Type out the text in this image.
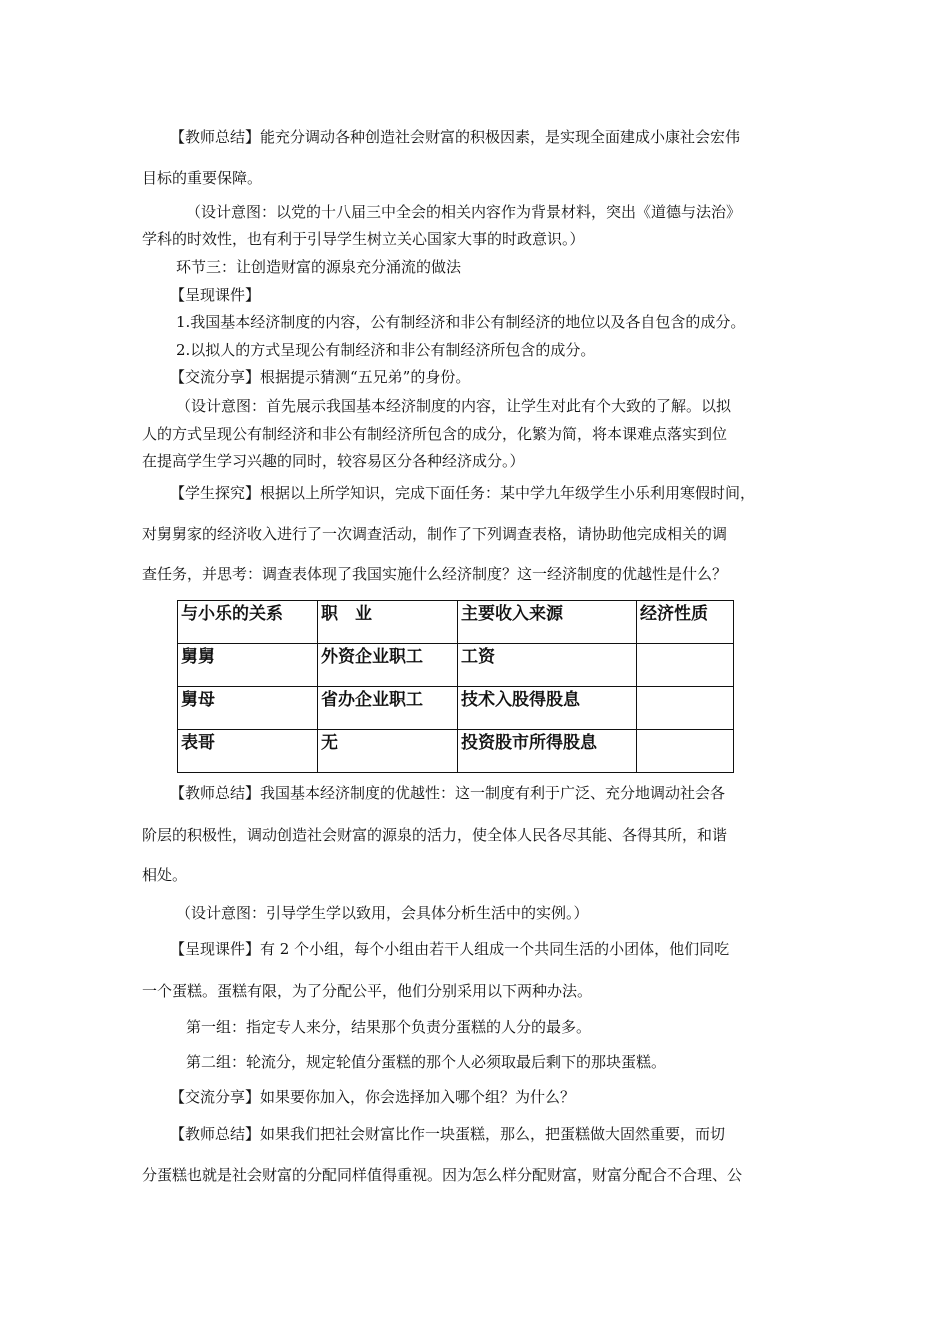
【教师总结】能充分调动各种创造社会财富的积极因素，是实现全面建成小康社会宏伟
目标的重要保障。
（设计意图：以党的十八届三中全会的相关内容作为背景材料，突出《道德与法治》
学科的时效性，也有利于引导学生树立关心国家大事的时政意识。）
环节三：让创造财富的源泉充分涌流的做法
【呈现课件】
1.我国基本经济制度的内容，公有制经济和非公有制经济的地位以及各自包含的成分。
2.以拟人的方式呈现公有制经济和非公有制经济所包含的成分。
【交流分享】根据提示猜测“五兄弟”的身份。
（设计意图：首先展示我国基本经济制度的内容，让学生对此有个大致的了解。以拟
人的方式呈现公有制经济和非公有制经济所包含的成分，化繁为简，将本课难点落实到位
在提高学生学习兴趣的同时，较容易区分各种经济成分。）
【学生探究】根据以上所学知识，完成下面任务：某中学九年级学生小乐利用寒假时间，
对舅舅家的经济收入进行了一次调查活动，制作了下列调查表格，请协助他完成相关的调
查任务，并思考：调查表体现了我国实施什么经济制度？这一经济制度的优越性是什么？
【教师总结】我国基本经济制度的优越性：这一制度有利于广泛、充分地调动社会各
阶层的积极性，调动创造社会财富的源泉的活力，使全体人民各尽其能、各得其所，和谐
相处。
（设计意图：引导学生学以致用，会具体分析生活中的实例。）
【呈现课件】有 2 个小组，每个小组由若干人组成一个共同生活的小团体，他们同吃
一个蛋糕。蛋糕有限，为了分配公平，他们分别采用以下两种办法。
第一组：指定专人来分，结果那个负责分蛋糕的人分的最多。
第二组：轮流分，规定轮值分蛋糕的那个人必须取最后剩下的那块蛋糕。
【交流分享】如果要你加入，你会选择加入哪个组？为什么？
【教师总结】如果我们把社会财富比作一块蛋糕，那么，把蛋糕做大固然重要，而切
分蛋糕也就是社会财富的分配同样值得重视。因为怎么样分配财富，财富分配合不合理、公
与小乐的关系	职　业	主要收入来源	经济性质
舅舅	外资企业职工	工资	
舅母	省办企业职工	技术入股得股息	
表哥	无	投资股市所得股息	
